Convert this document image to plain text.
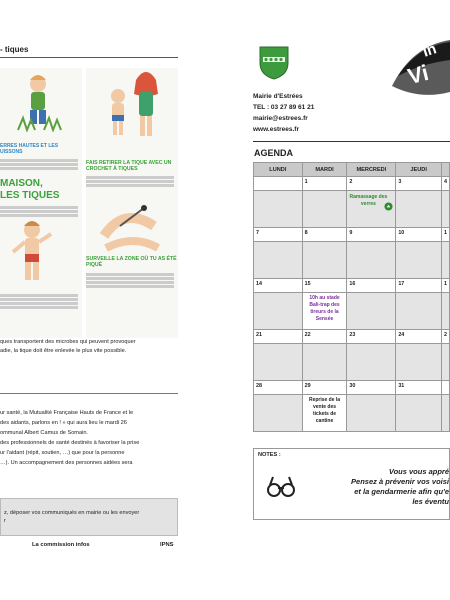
- tiques
ERRES HAUTES ET LES
UISSONS
MAISON,
LES TIQUES
FAIS RETIRER LA TIQUE AVEC UN
CROCHET À TIQUES
SURVEILLE LA ZONE OÙ TU AS ÉTÉ
PIQUÉ
ques transportent des microbes qui peuvent provoquer
adie, la tique doit être enlevée le plus vite possible.
ur santé, la Mutualité Française Hauts de France et le
des aidants, parlons en ! » qui aura lieu le mardi 26
ommunal Albert Camus de Somain.
des professionnels de santé destinés à favoriser la prise
ur l'aidant (répit, soutien, …) que pour la personne
…). Un accompagnement des personnes aidées sera
z, déposer vos communiqués en mairie ou les envoyer
r
La commission infos	IPNS
Mairie d'Estrées
TEL : 03 27 89 61 21
mairie@estrees.fr
www.estrees.fr
In
Vi
AGENDA
LUNDI	MARDI	MERCREDI	JEUDI	

	1	2	3	4

		Ramassage des verres		

7	8	9	10	1

14	15	16	17	1

	10h au stade Bali-trap des tireurs de la Sensée			

21	22	23	24	2

28	29	30	31	

	Reprise de la vente des tickets de cantine			

NOTES :
Vous vous appré
Pensez à prévenir vos voisi
et la gendarmerie afin qu'e
les éventu
